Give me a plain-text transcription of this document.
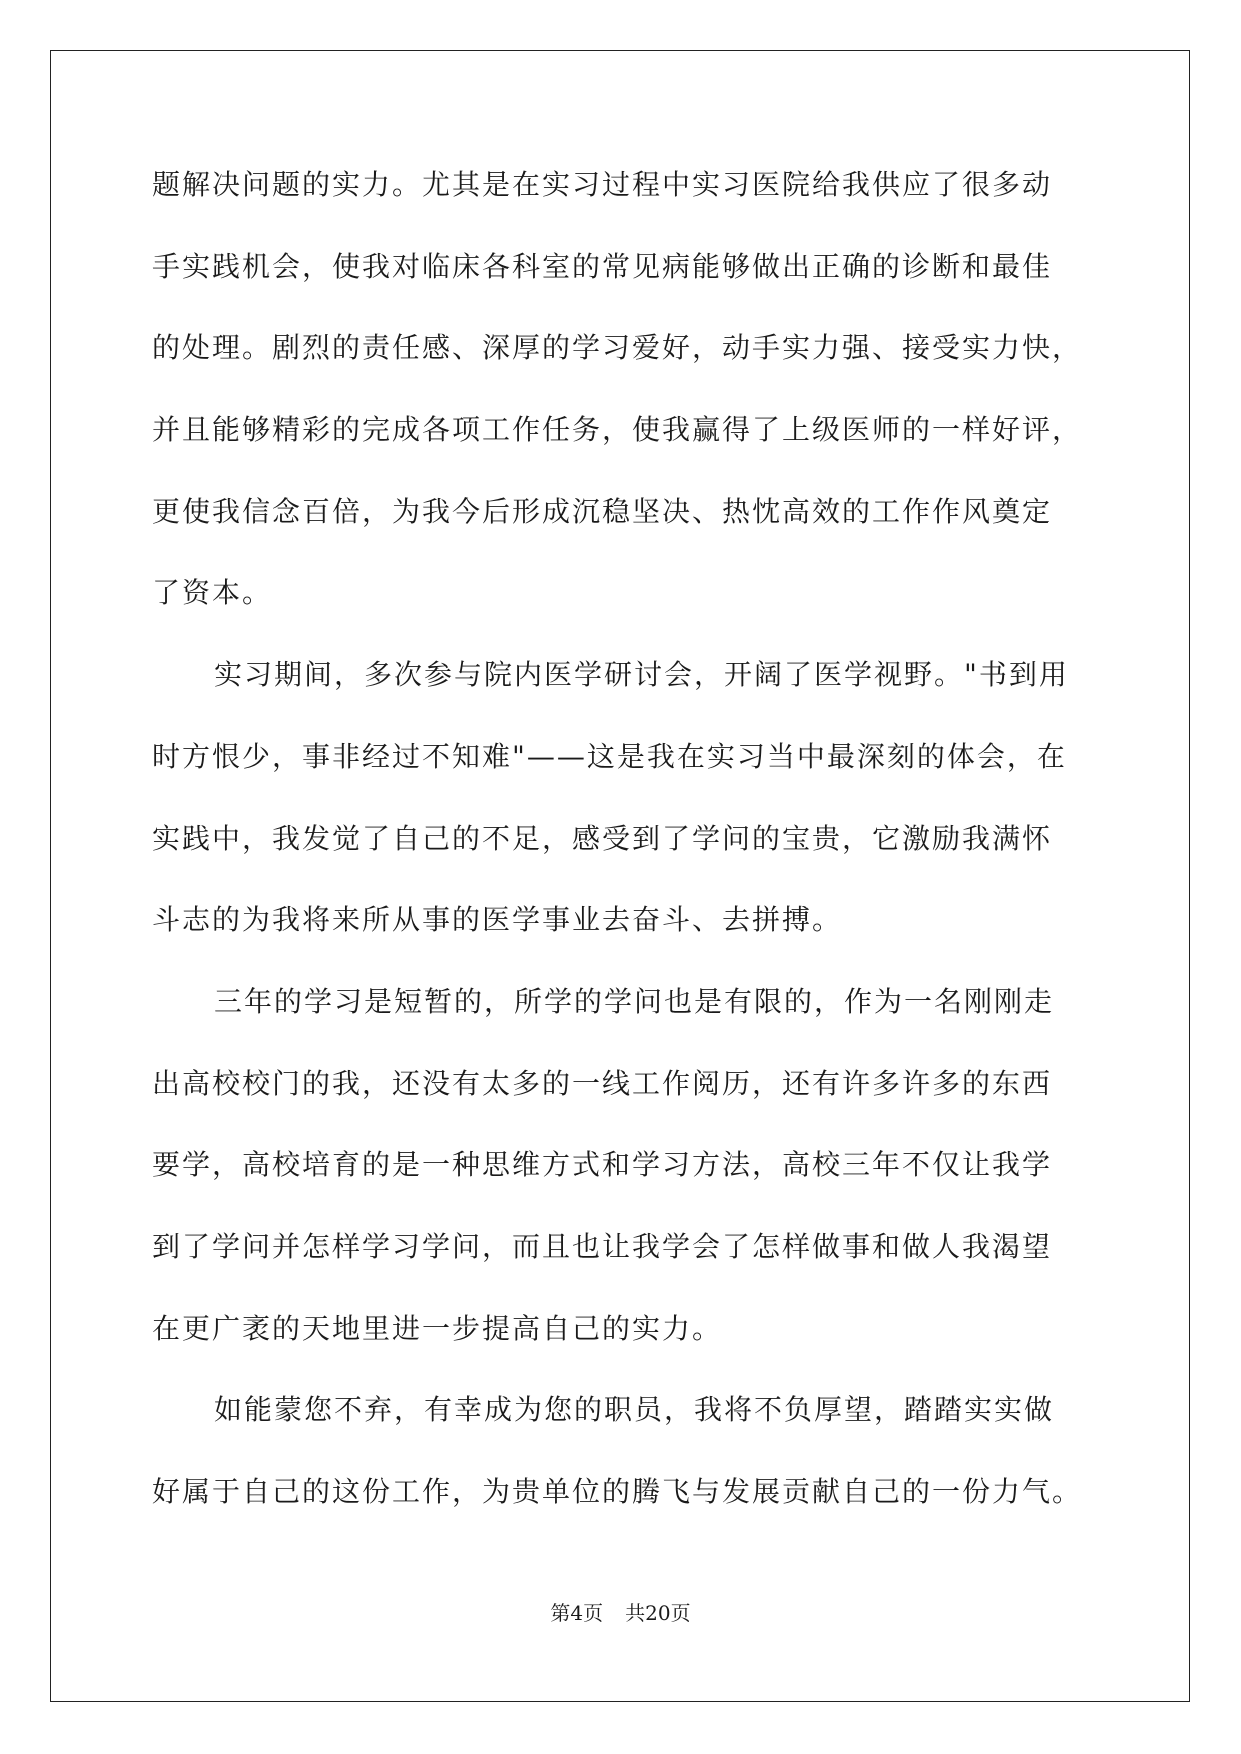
题解决问题的实力。尤其是在实习过程中实习医院给我供应了很多动
手实践机会，使我对临床各科室的常见病能够做出正确的诊断和最佳
的处理。剧烈的责任感、深厚的学习爱好，动手实力强、接受实力快，
并且能够精彩的完成各项工作任务，使我赢得了上级医师的一样好评，
更使我信念百倍，为我今后形成沉稳坚决、热忱高效的工作作风奠定
了资本。
实习期间，多次参与院内医学研讨会，开阔了医学视野。"书到用
时方恨少，事非经过不知难"——这是我在实习当中最深刻的体会，在
实践中，我发觉了自己的不足，感受到了学问的宝贵，它激励我满怀
斗志的为我将来所从事的医学事业去奋斗、去拼搏。
三年的学习是短暂的，所学的学问也是有限的，作为一名刚刚走
出高校校门的我，还没有太多的一线工作阅历，还有许多许多的东西
要学，高校培育的是一种思维方式和学习方法，高校三年不仅让我学
到了学问并怎样学习学问，而且也让我学会了怎样做事和做人我渴望
在更广袤的天地里进一步提高自己的实力。
如能蒙您不弃，有幸成为您的职员，我将不负厚望，踏踏实实做
好属于自己的这份工作，为贵单位的腾飞与发展贡献自己的一份力气。
第4页 共20页
